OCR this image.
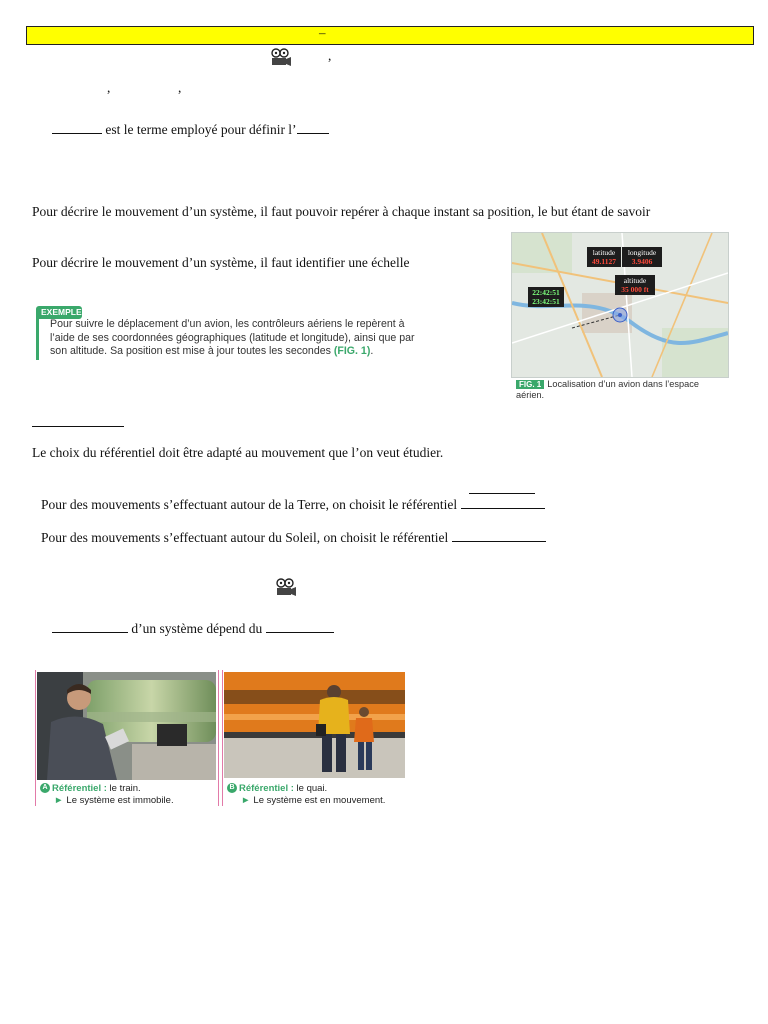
–
,
,	,
est le terme employé pour définir l’
Pour décrire le mouvement d’un système, il faut pouvoir repérer à chaque instant sa position, le but étant de savoir
Pour décrire le mouvement d’un système, il faut identifier une échelle
EXEMPLE
Pour suivre le déplacement d’un avion, les contrôleurs aériens le repèrent à l’aide de ses coordonnées géographiques (latitude et longitude), ainsi que par son altitude. Sa position est mise à jour toutes les secondes (FIG. 1).
latitude
49.1127
longitude
3.9406
altitude
35 000 ft
22:42:51
23:42:51
FIG. 1 Localisation d’un avion dans l’espace aérien.
Le choix du référentiel doit être adapté au mouvement que l’on veut étudier.
Pour des mouvements s’effectuant autour de la Terre, on choisit le référentiel
Pour des mouvements s’effectuant autour du Soleil, on choisit le référentiel
d’un système dépend du
A Référentiel : le train.
► Le système est immobile.
B Référentiel : le quai.
► Le système est en mouvement.
